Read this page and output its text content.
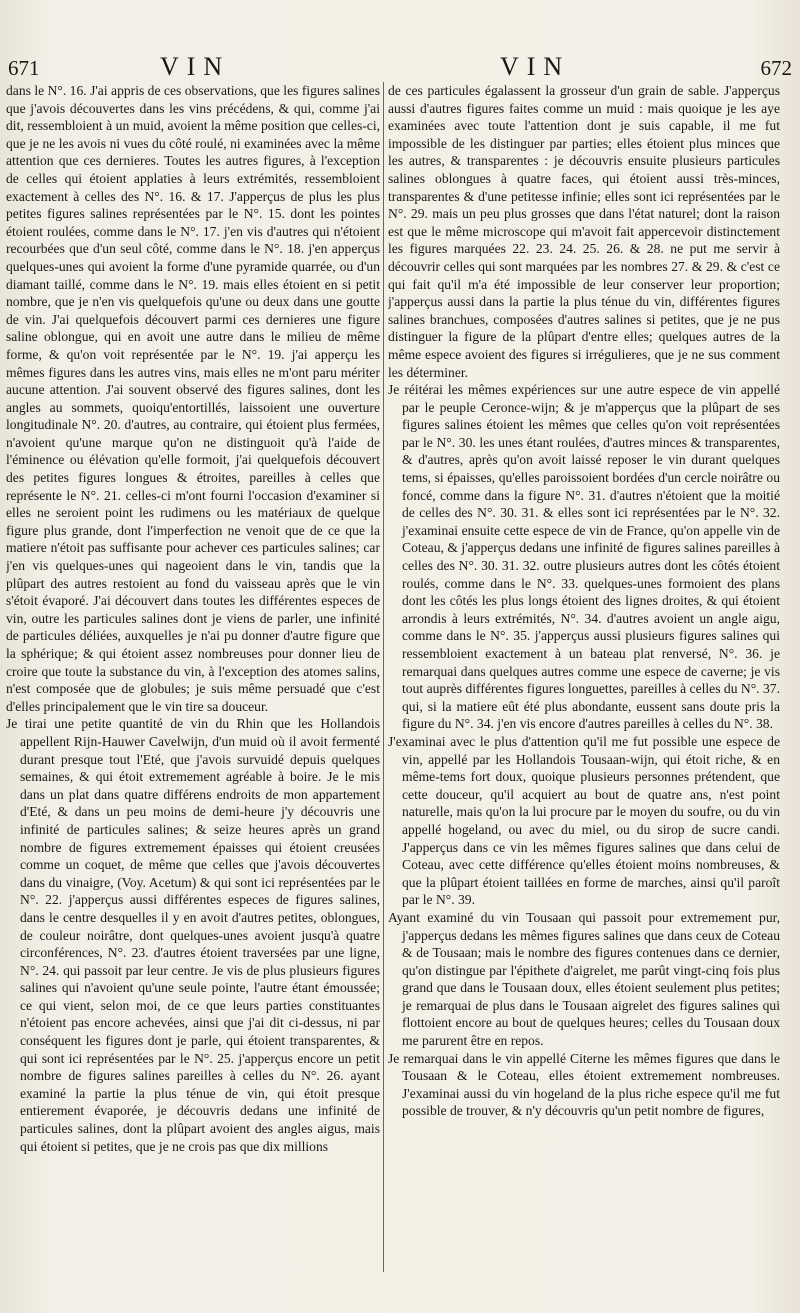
671	VIN	VIN	672

dans le N°. 16. J'ai appris de ces observations, que les figures salines que j'avois découvertes dans les vins précédens, & qui, comme j'ai dit, ressembloient à un muid, avoient la même position que celles-ci, que je ne les avois ni vues du côté roulé, ni examinées avec la même attention que ces dernieres. Toutes les autres figures, à l'exception de celles qui étoient applaties à leurs extrémités, ressembloient exactement à celles des N°. 16. & 17. J'apperçus de plus les plus petites figures salines représentées par le N°. 15. dont les pointes étoient roulées, comme dans le N°. 17. j'en vis d'autres qui n'étoient recourbées que d'un seul côté, comme dans le N°. 18. j'en apperçus quelques-unes qui avoient la forme d'une pyramide quarrée, ou d'un diamant taillé, comme dans le N°. 19. mais elles étoient en si petit nombre, que je n'en vis quelquefois qu'une ou deux dans une goutte de vin. J'ai quelquefois découvert parmi ces dernieres une figure saline oblongue, qui en avoit une autre dans le milieu de même forme, & qu'on voit représentée par le N°. 19. j'ai apperçu les mêmes figures dans les autres vins, mais elles ne m'ont paru mériter aucune attention. J'ai souvent observé des figures salines, dont les angles au sommets, quoiqu'entortillés, laissoient une ouverture longitudinale N°. 20. d'autres, au contraire, qui étoient plus fermées, n'avoient qu'une marque qu'on ne distinguoit qu'à l'aide de l'éminence ou élévation qu'elle formoit, j'ai quelquefois découvert des petites figures longues & étroites, pareilles à celles que représente le N°. 21. celles-ci m'ont fourni l'occasion d'examiner si elles ne seroient point les rudimens ou les matériaux de quelque figure plus grande, dont l'imperfection ne venoit que de ce que la matiere n'étoit pas suffisante pour achever ces particules salines; car j'en vis quelques-unes qui nageoient dans le vin, tandis que la plûpart des autres restoient au fond du vaisseau après que le vin s'étoit évaporé. J'ai découvert dans toutes les différentes especes de vin, outre les particules salines dont je viens de parler, une infinité de particules déliées, auxquelles je n'ai pu donner d'autre figure que la sphérique; & qui étoient assez nombreuses pour donner lieu de croire que toute la substance du vin, à l'exception des atomes salins, n'est composée que de globules; je suis même persuadé que c'est d'elles principalement que le vin tire sa douceur.

Je tirai une petite quantité de vin du Rhin que les Hollandois appellent Rijn-Hauwer Cavelwijn, d'un muid où il avoit fermenté durant presque tout l'Eté, que j'avois survuidé depuis quelques semaines, & qui étoit extremement agréable à boire. Je le mis dans un plat dans quatre différens endroits de mon appartement d'Eté, & dans un peu moins de demi-heure j'y découvris une infinité de particules salines; & seize heures après un grand nombre de figures extremement épaisses qui étoient creusées comme un coquet, de même que celles que j'avois découvertes dans du vinaigre, (Voy. Acetum) & qui sont ici représentées par le N°. 22. j'apperçus aussi différentes especes de figures salines, dans le centre desquelles il y en avoit d'autres petites, oblongues, de couleur noirâtre, dont quelques-unes avoient jusqu'à quatre circonférences, N°. 23. d'autres étoient traversées par une ligne, N°. 24. qui passoit par leur centre. Je vis de plus plusieurs figures salines qui n'avoient qu'une seule pointe, l'autre étant émoussée; ce qui vient, selon moi, de ce que leurs parties constituantes n'étoient pas encore achevées, ainsi que j'ai dit ci-dessus, ni par conséquent les figures dont je parle, qui étoient transparentes, & qui sont ici représentées par le N°. 25. j'apperçus encore un petit nombre de figures salines pareilles à celles du N°. 26. ayant examiné la partie la plus ténue de vin, qui étoit presque entierement évaporée, je découvris dedans une infinité de particules salines, dont la plûpart avoient des angles aigus, mais qui étoient si petites, que je ne crois pas que dix millions

de ces particules égalassent la grosseur d'un grain de sable. J'apperçus aussi d'autres figures faites comme un muid : mais quoique je les aye examinées avec toute l'attention dont je suis capable, il me fut impossible de les distinguer par parties; elles étoient plus minces que les autres, & transparentes : je découvris ensuite plusieurs particules salines oblongues à quatre faces, qui étoient aussi très-minces, transparentes & d'une petitesse infinie; elles sont ici représentées par le N°. 29. mais un peu plus grosses que dans l'état naturel; dont la raison est que le même microscope qui m'avoit fait appercevoir distinctement les figures marquées 22. 23. 24. 25. 26. & 28. ne put me servir à découvrir celles qui sont marquées par les nombres 27. & 29. & c'est ce qui fait qu'il m'a été impossible de leur conserver leur proportion; j'apperçus aussi dans la partie la plus ténue du vin, différentes figures salines branchues, composées d'autres salines si petites, que je ne pus distinguer la figure de la plûpart d'entre elles; quelques autres de la même espece avoient des figures si irrégulieres, que je ne sus comment les déterminer.

Je réitérai les mêmes expériences sur une autre espece de vin appellé par le peuple Ceronce-wijn; & je m'apperçus que la plûpart de ses figures salines étoient les mêmes que celles qu'on voit représentées par le N°. 30. les unes étant roulées, d'autres minces & transparentes, & d'autres, après qu'on avoit laissé reposer le vin durant quelques tems, si épaisses, qu'elles paroissoient bordées d'un cercle noirâtre ou foncé, comme dans la figure N°. 31. d'autres n'étoient que la moitié de celles des N°. 30. 31. & elles sont ici représentées par le N°. 32. j'examinai ensuite cette espece de vin de France, qu'on appelle vin de Coteau, & j'apperçus dedans une infinité de figures salines pareilles à celles des N°. 30. 31. 32. outre plusieurs autres dont les côtés étoient roulés, comme dans le N°. 33. quelques-unes formoient des plans dont les côtés les plus longs étoient des lignes droites, & qui étoient arrondis à leurs extrémités, N°. 34. d'autres avoient un angle aigu, comme dans le N°. 35. j'apperçus aussi plusieurs figures salines qui ressembloient exactement à un bateau plat renversé, N°. 36. je remarquai dans quelques autres comme une espece de caverne; je vis tout auprès différentes figures longuettes, pareilles à celles du N°. 37. qui, si la matiere eût été plus abondante, eussent sans doute pris la figure du N°. 34. j'en vis encore d'autres pareilles à celles du N°. 38.

J'examinai avec le plus d'attention qu'il me fut possible une espece de vin, appellé par les Hollandois Tousaan-wijn, qui étoit riche, & en même-tems fort doux, quoique plusieurs personnes prétendent, que cette douceur, qu'il acquiert au bout de quatre ans, n'est point naturelle, mais qu'on la lui procure par le moyen du soufre, ou du vin appellé hogeland, ou avec du miel, ou du sirop de sucre candi. J'apperçus dans ce vin les mêmes figures salines que dans celui de Coteau, avec cette différence qu'elles étoient moins nombreuses, & que la plûpart étoient taillées en forme de marches, ainsi qu'il paroît par le N°. 39.

Ayant examiné du vin Tousaan qui passoit pour extremement pur, j'apperçus dedans les mêmes figures salines que dans ceux de Coteau & de Tousaan; mais le nombre des figures contenues dans ce dernier, qu'on distingue par l'épithete d'aigrelet, me parût vingt-cinq fois plus grand que dans le Tousaan doux, elles étoient seulement plus petites; je remarquai de plus dans le Tousaan aigrelet des figures salines qui flottoient encore au bout de quelques heures; celles du Tousaan doux me parurent être en repos.

Je remarquai dans le vin appellé Citerne les mêmes figures que dans le Tousaan & le Coteau, elles étoient extremement nombreuses. J'examinai aussi du vin hogeland de la plus riche espece qu'il me fut possible de trouver, & n'y découvris qu'un petit nombre de figures,
